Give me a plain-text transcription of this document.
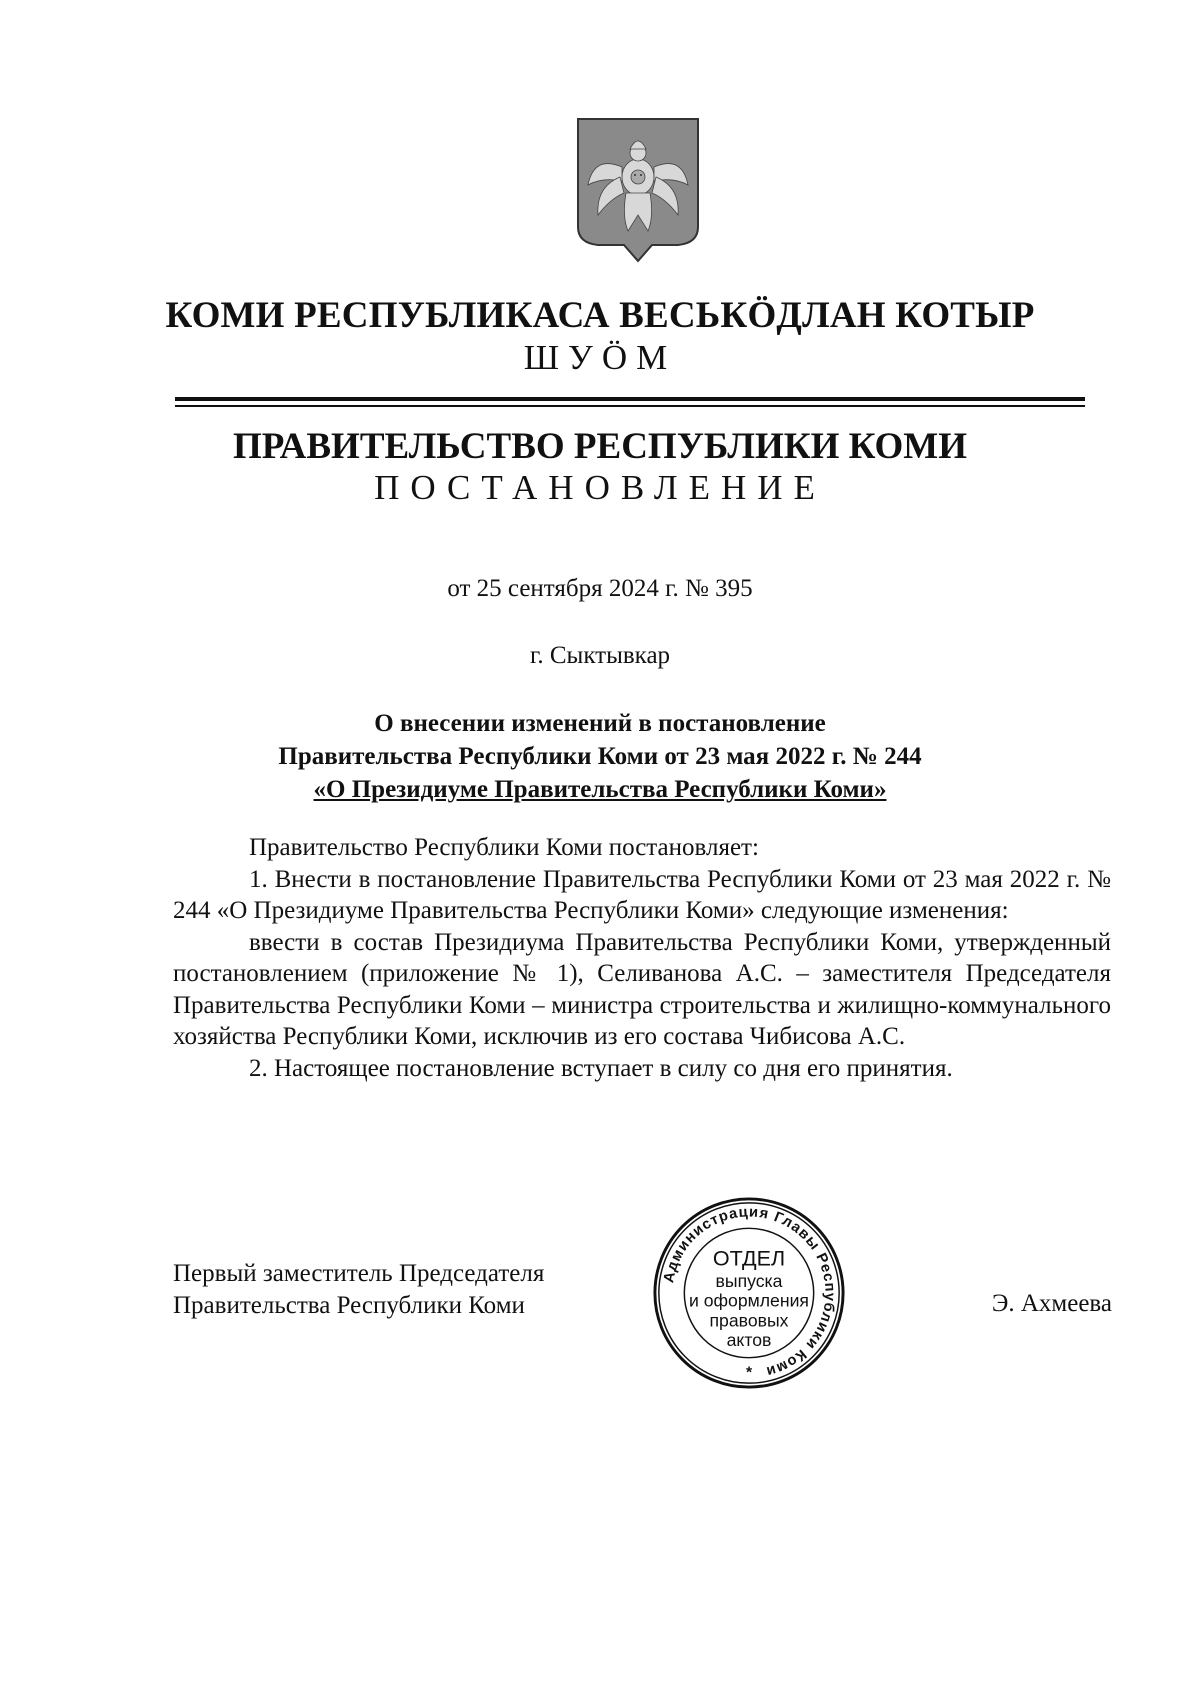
КОМИ РЕСПУБЛИКАСА ВЕСЬКӦДЛАН КОТЫР
ШУӦМ
ПРАВИТЕЛЬСТВО РЕСПУБЛИКИ КОМИ
ПОСТАНОВЛЕНИЕ
от 25 сентября 2024 г. № 395
г. Сыктывкар
О внесении изменений в постановление
Правительства Республики Коми от 23 мая 2022 г. № 244
«О Президиуме Правительства Республики Коми»

Правительство Республики Коми постановляет:

1. Внести в постановление Правительства Республики Коми от 23 мая 2022 г. № 244 «О Президиуме Правительства Республики Коми» следующие изменения:

ввести в состав Президиума Правительства Республики Коми, утвержденный постановлением (приложение № 1), Селиванова А.С. – заместителя Председателя Правительства Республики Коми – министра строительства и жилищно-коммунального хозяйства Республики Коми, исключив из его состава Чибисова А.С.

2. Настоящее постановление вступает в силу со дня его принятия.

Первый заместитель Председателя
Правительства Республики Коми	Э. Ахмеева
Администрация Главы Республики Коми
ОТДЕЛ
выпуска
и оформления
правовых
актов
*
